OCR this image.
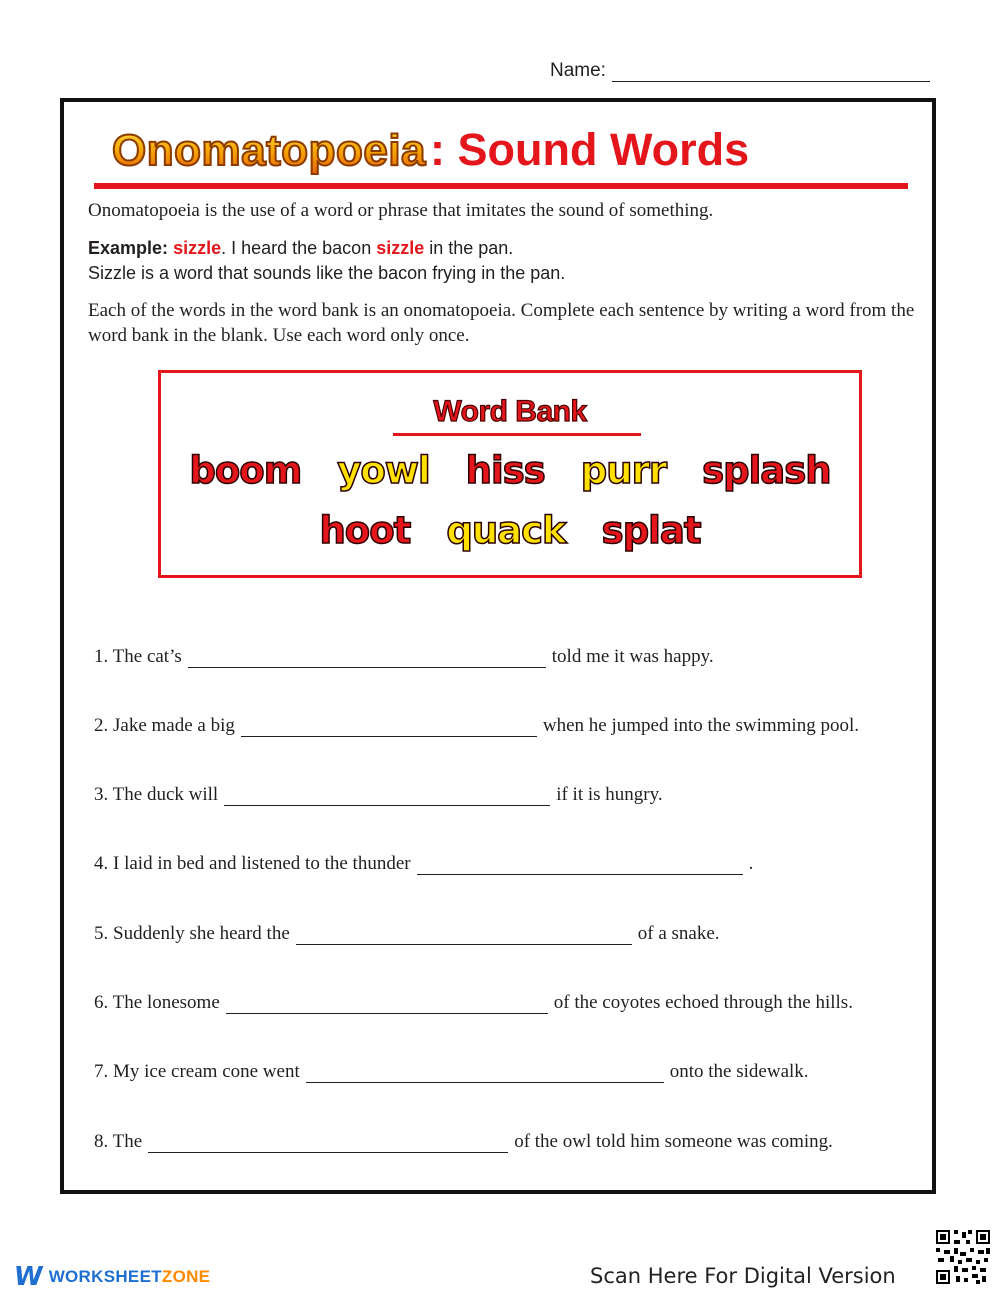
Name:
Onomatopoeia : Sound Words
Onomatopoeia is the use of a word or phrase that imitates the sound of something.
Example: sizzle. I heard the bacon sizzle in the pan.
Sizzle is a word that sounds like the bacon frying in the pan.
Each of the words in the word bank is an onomatopoeia. Complete each sentence by writing a word from the word bank in the blank. Use each word only once.
Word Bank
boom yowl hiss purr splash
hoot quack splat
1. The cat’s	told me it was happy.
2. Jake made a big	when he jumped into the swimming pool.
3. The duck will	if it is hungry.
4. I laid in bed and listened to the thunder	.
5. Suddenly she heard the	of a snake.
6. The lonesome	of the coyotes echoed through the hills.
7. My ice cream cone went	onto the sidewalk.
8. The	of the owl told him someone was coming.
W WORKSHEETZONE	Scan Here For Digital Version
